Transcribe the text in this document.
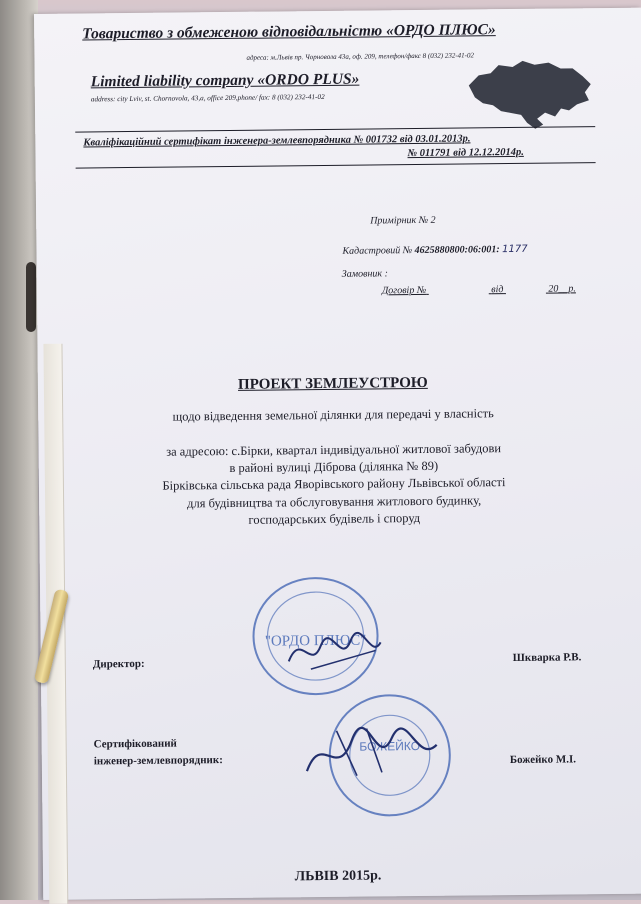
Товариство з обмеженою відповідальністю «ОРДО ПЛЮС»
адреса: м.Львів пр. Чорновола 43а, оф. 209, телефон/факс 8 (032) 232-41-02
Limited liability company «ORDO PLUS»
address: city Lviv, st. Chornovola, 43,a, office 209,phone/ fax: 8 (032) 232-41-02
Кваліфікаційний сертифікат інженера-землевпорядника № 001732 від 03.01.2013р.
№ 011791 від 12.12.2014р.
Примірник № 2
Кадастровий № 4625880800:06:001: 1177
Замовник :
Договір №	від	20__р.
ПРОЕКТ ЗЕМЛЕУСТРОЮ
щодо відведення земельної ділянки для передачі у власність
за адресою: с.Бірки, квартал індивідуальної житлової забудови
в районі вулиці Діброва (ділянка № 89)
Бірківська сільська рада Яворівського району Львівської області
для будівництва та обслуговування житлового будинку,
господарських будівель і споруд
"ОРДО ПЛЮС"
Директор:
Шкварка Р.В.
БОЖЕЙКО
Сертифікований
інженер-землевпорядник:	Божейко М.І.
ЛЬВІВ 2015р.
